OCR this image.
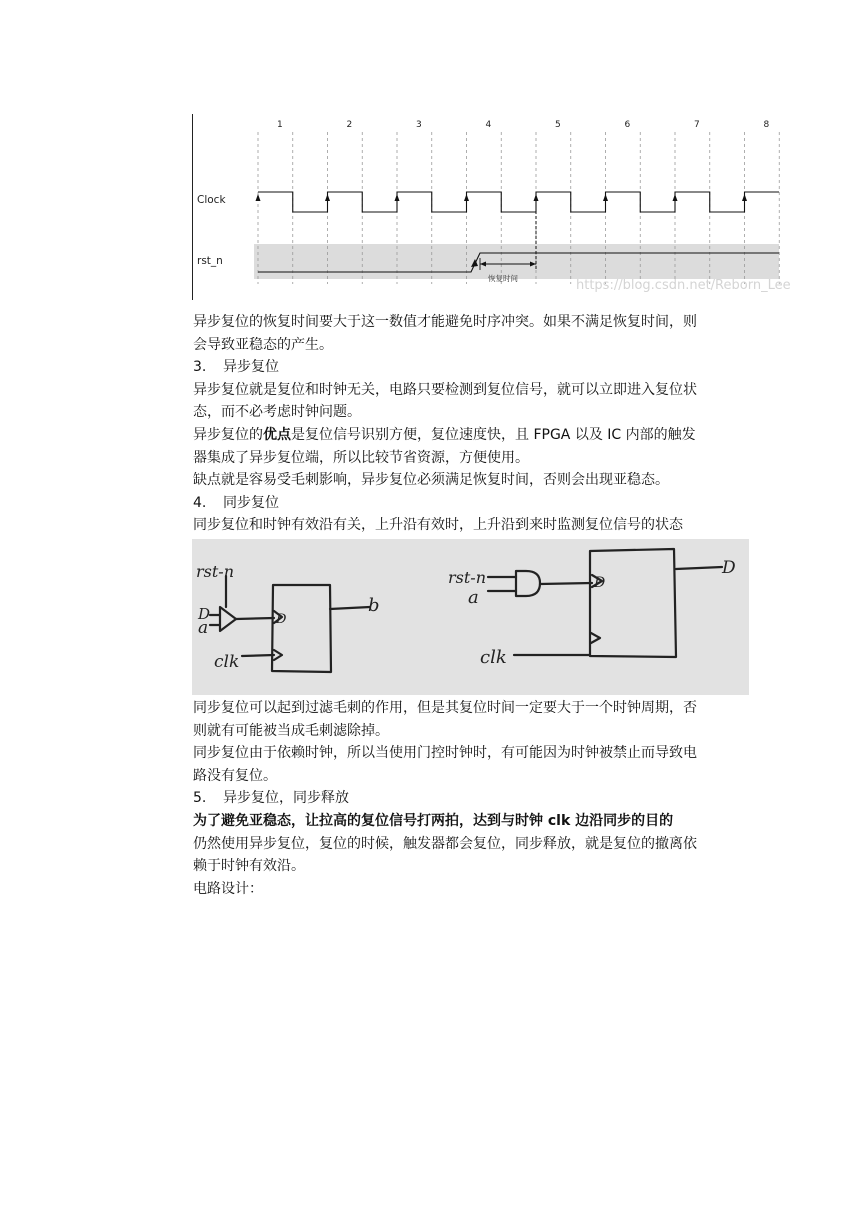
1	2	3	4	5	6	7	8
Clock
rst_n
恢复时间	https://blog.csdn.net/Reborn_Lee

异步复位的恢复时间要大于这一数值才能避免时序冲突。如果不满足恢复时间，则

会导致亚稳态的产生。

3. 异步复位

异步复位就是复位和时钟无关，电路只要检测到复位信号，就可以立即进入复位状

态，而不必考虑时钟问题。

异步复位的优点是复位信号识别方便，复位速度快，且 FPGA 以及 IC 内部的触发

器集成了异步复位端，所以比较节省资源，方便使用。

缺点就是容易受毛刺影响，异步复位必须满足恢复时间，否则会出现亚稳态。

4. 同步复位

同步复位和时钟有效沿有关，上升沿有效时，上升沿到来时监测复位信号的状态

rst-n
D
a
clk
b
D
rst-n
a
clk
D
D

同步复位可以起到过滤毛刺的作用，但是其复位时间一定要大于一个时钟周期，否

则就有可能被当成毛刺滤除掉。

同步复位由于依赖时钟，所以当使用门控时钟时，有可能因为时钟被禁止而导致电

路没有复位。

5. 异步复位，同步释放

为了避免亚稳态，让拉高的复位信号打两拍，达到与时钟 clk 边沿同步的目的

仍然使用异步复位，复位的时候，触发器都会复位，同步释放，就是复位的撤离依

赖于时钟有效沿。

电路设计：
